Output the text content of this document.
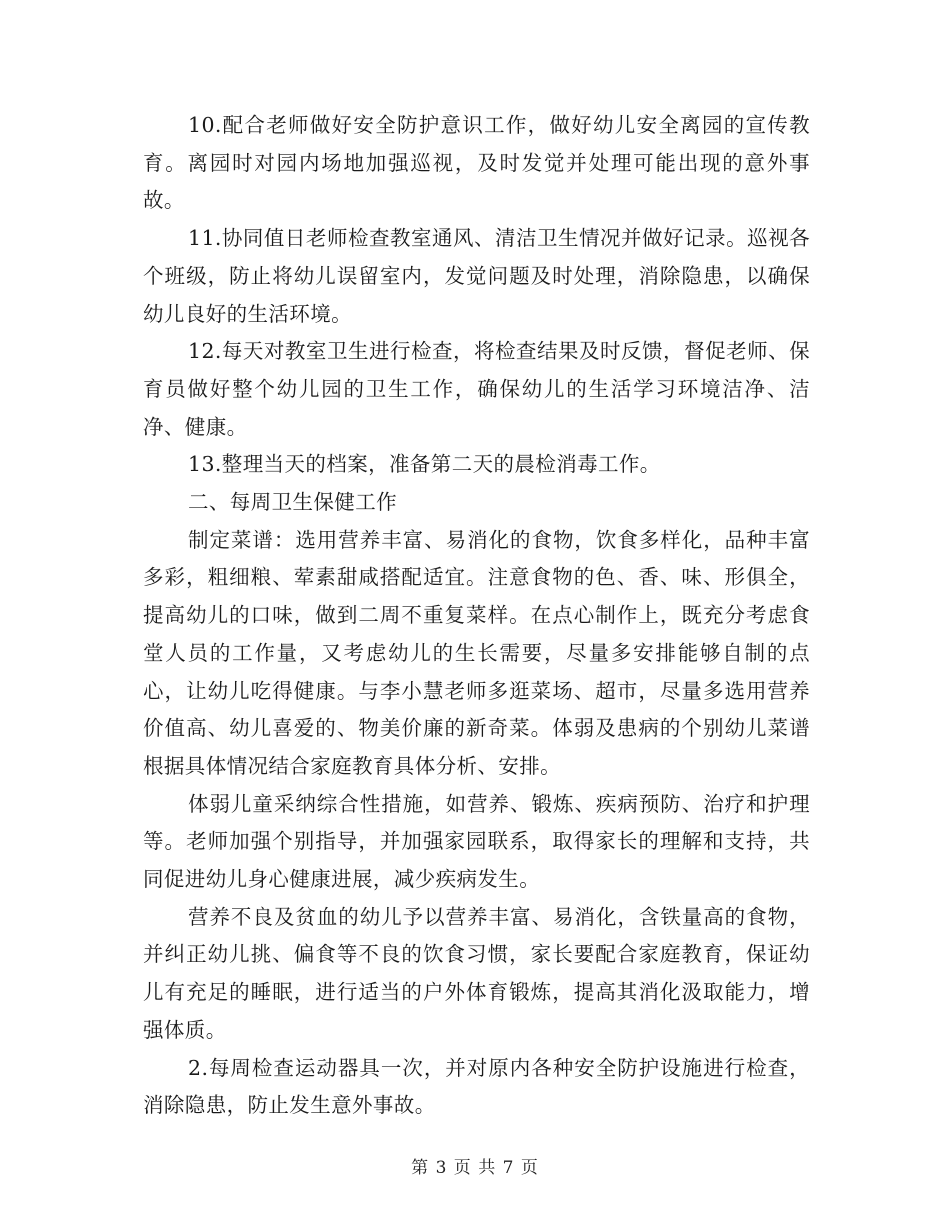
10.配合老师做好安全防护意识工作，做好幼儿安全离园的宣传教育。离园时对园内场地加强巡视，及时发觉并处理可能出现的意外事故。

11.协同值日老师检查教室通风、清洁卫生情况并做好记录。巡视各个班级，防止将幼儿误留室内，发觉问题及时处理，消除隐患，以确保幼儿良好的生活环境。

12.每天对教室卫生进行检查，将检查结果及时反馈，督促老师、保育员做好整个幼儿园的卫生工作，确保幼儿的生活学习环境洁净、洁净、健康。

13.整理当天的档案，准备第二天的晨检消毒工作。

二、每周卫生保健工作

制定菜谱：选用营养丰富、易消化的食物，饮食多样化，品种丰富多彩，粗细粮、荤素甜咸搭配适宜。注意食物的色、香、味、形俱全，提高幼儿的口味，做到二周不重复菜样。在点心制作上，既充分考虑食堂人员的工作量，又考虑幼儿的生长需要，尽量多安排能够自制的点心，让幼儿吃得健康。与李小慧老师多逛菜场、超市，尽量多选用营养价值高、幼儿喜爱的、物美价廉的新奇菜。体弱及患病的个别幼儿菜谱根据具体情况结合家庭教育具体分析、安排。

体弱儿童采纳综合性措施，如营养、锻炼、疾病预防、治疗和护理等。老师加强个别指导，并加强家园联系，取得家长的理解和支持，共同促进幼儿身心健康进展，减少疾病发生。

营养不良及贫血的幼儿予以营养丰富、易消化，含铁量高的食物，并纠正幼儿挑、偏食等不良的饮食习惯，家长要配合家庭教育，保证幼儿有充足的睡眠，进行适当的户外体育锻炼，提高其消化汲取能力，增强体质。

2.每周检查运动器具一次，并对原内各种安全防护设施进行检查，消除隐患，防止发生意外事故。

第 3 页 共 7 页
